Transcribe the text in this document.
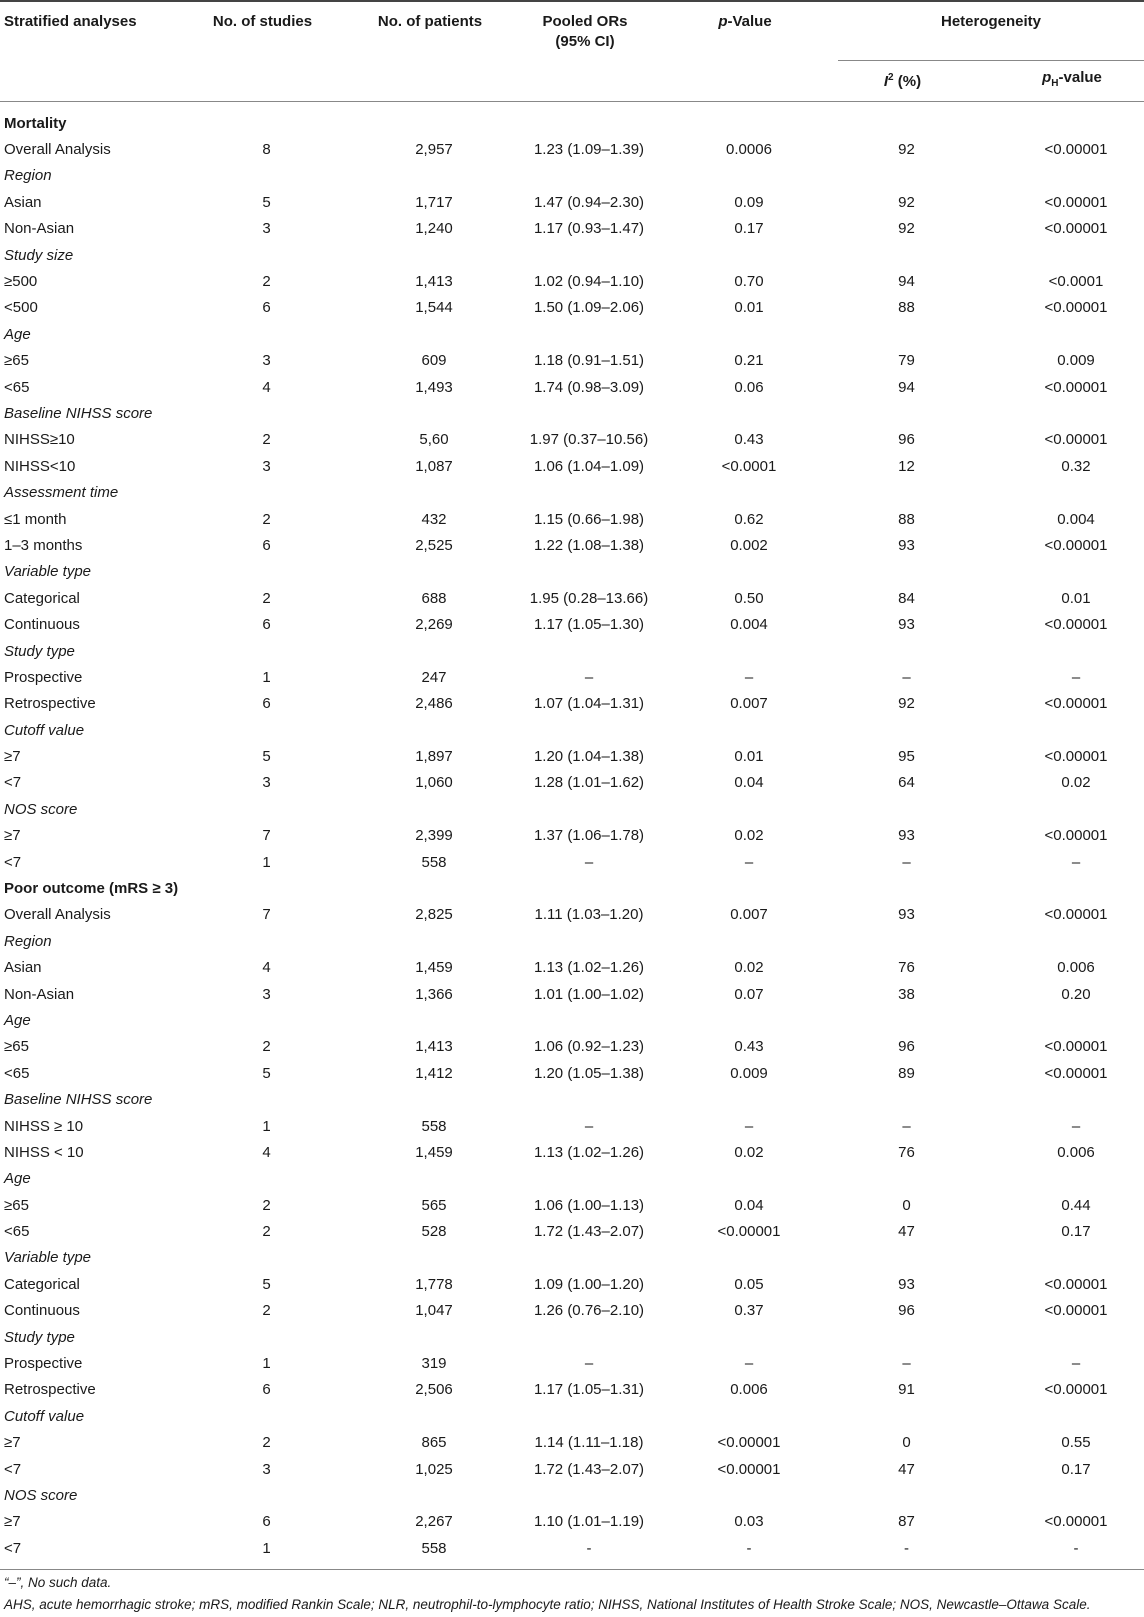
Stratified analyses	No. of studies	No. of patients	Pooled ORs
(95% CI)
p-Value	Heterogeneity
$I^2$ (%)	$p_H$-value
Mortality						
Overall Analysis	8	2,957	1.23 (1.09–1.39)	0.0006	92	<0.00001
Region						
Asian	5	1,717	1.47 (0.94–2.30)	0.09	92	<0.00001
Non-Asian	3	1,240	1.17 (0.93–1.47)	0.17	92	<0.00001
Study size						
≥500	2	1,413	1.02 (0.94–1.10)	0.70	94	<0.0001
<500	6	1,544	1.50 (1.09–2.06)	0.01	88	<0.00001
Age						
≥65	3	609	1.18 (0.91–1.51)	0.21	79	0.009
<65	4	1,493	1.74 (0.98–3.09)	0.06	94	<0.00001
Baseline NIHSS score						
NIHSS≥10	2	5,60	1.97 (0.37–10.56)	0.43	96	<0.00001
NIHSS<10	3	1,087	1.06 (1.04–1.09)	<0.0001	12	0.32
Assessment time						
≤1 month	2	432	1.15 (0.66–1.98)	0.62	88	0.004
1–3 months	6	2,525	1.22 (1.08–1.38)	0.002	93	<0.00001
Variable type						
Categorical	2	688	1.95 (0.28–13.66)	0.50	84	0.01
Continuous	6	2,269	1.17 (1.05–1.30)	0.004	93	<0.00001
Study type						
Prospective	1	247	–	–	–	–
Retrospective	6	2,486	1.07 (1.04–1.31)	0.007	92	<0.00001
Cutoff value						
≥7	5	1,897	1.20 (1.04–1.38)	0.01	95	<0.00001
<7	3	1,060	1.28 (1.01–1.62)	0.04	64	0.02
NOS score						
≥7	7	2,399	1.37 (1.06–1.78)	0.02	93	<0.00001
<7	1	558	–	–	–	–
Poor outcome (mRS ≥ 3)						
Overall Analysis	7	2,825	1.11 (1.03–1.20)	0.007	93	<0.00001
Region						
Asian	4	1,459	1.13 (1.02–1.26)	0.02	76	0.006
Non-Asian	3	1,366	1.01 (1.00–1.02)	0.07	38	0.20
Age						
≥65	2	1,413	1.06 (0.92–1.23)	0.43	96	<0.00001
<65	5	1,412	1.20 (1.05–1.38)	0.009	89	<0.00001
Baseline NIHSS score						
NIHSS ≥ 10	1	558	–	–	–	–
NIHSS < 10	4	1,459	1.13 (1.02–1.26)	0.02	76	0.006
Age						
≥65	2	565	1.06 (1.00–1.13)	0.04	0	0.44
<65	2	528	1.72 (1.43–2.07)	<0.00001	47	0.17
Variable type						
Categorical	5	1,778	1.09 (1.00–1.20)	0.05	93	<0.00001
Continuous	2	1,047	1.26 (0.76–2.10)	0.37	96	<0.00001
Study type						
Prospective	1	319	–	–	–	–
Retrospective	6	2,506	1.17 (1.05–1.31)	0.006	91	<0.00001
Cutoff value						
≥7	2	865	1.14 (1.11–1.18)	<0.00001	0	0.55
<7	3	1,025	1.72 (1.43–2.07)	<0.00001	47	0.17
NOS score						
≥7	6	2,267	1.10 (1.01–1.19)	0.03	87	<0.00001
<7	1	558	-	-	-	-
“–”, No such data.
AHS, acute hemorrhagic stroke; mRS, modified Rankin Scale; NLR, neutrophil-to-lymphocyte ratio; NIHSS, National Institutes of Health Stroke Scale; NOS, Newcastle–Ottawa Scale.
